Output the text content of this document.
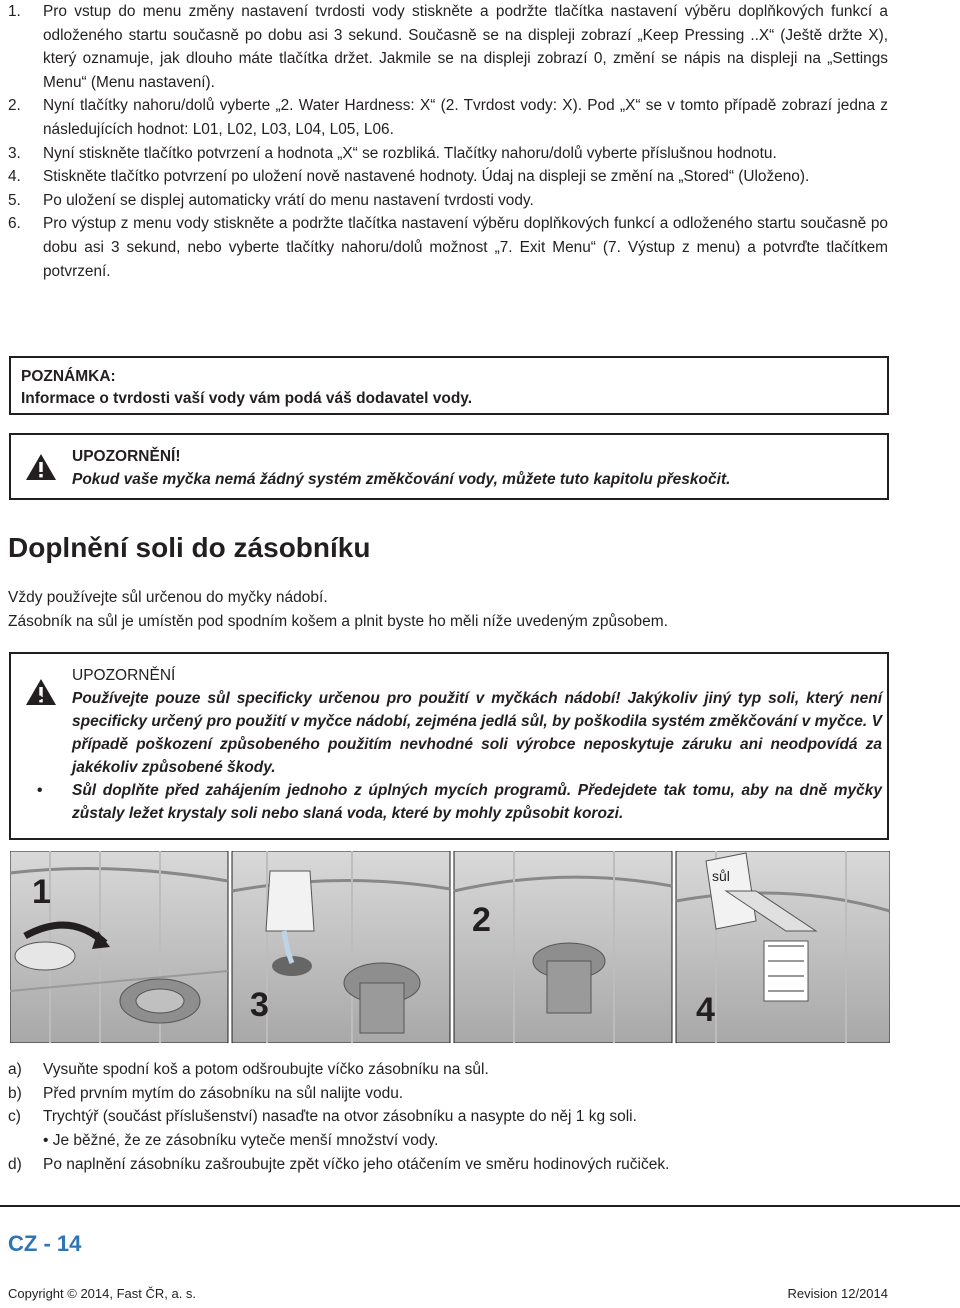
1.	Pro vstup do menu změny nastavení tvrdosti vody stiskněte a podržte tlačítka nastavení výběru doplňkových funkcí a odloženého startu současně po dobu asi 3 sekund. Současně se na displeji zobrazí „Keep Pressing ..X“ (Ještě držte X), který oznamuje, jak dlouho máte tlačítka držet. Jakmile se na displeji zobrazí 0, změní se nápis na displeji na „Settings Menu“ (Menu nastavení).
2.	Nyní tlačítky nahoru/dolů vyberte „2. Water Hardness: X“ (2. Tvrdost vody: X). Pod „X“ se v tomto případě zobrazí jedna z následujících hodnot: L01, L02, L03, L04, L05, L06.
3.	Nyní stiskněte tlačítko potvrzení a hodnota „X“ se rozbliká. Tlačítky nahoru/dolů vyberte příslušnou hodnotu.
4.	Stiskněte tlačítko potvrzení po uložení nově nastavené hodnoty. Údaj na displeji se změní na „Stored“ (Uloženo).
5.	Po uložení se displej automaticky vrátí do menu nastavení tvrdosti vody.
6.	Pro výstup z menu vody stiskněte a podržte tlačítka nastavení výběru doplňkových funkcí a odloženého startu současně po dobu asi 3 sekund, nebo vyberte tlačítky nahoru/dolů možnost „7. Exit Menu“ (7. Výstup z menu) a potvrďte tlačítkem potvrzení.
POZNÁMKA:
Informace o tvrdosti vaší vody vám podá váš dodavatel vody.
UPOZORNĚNÍ!
Pokud vaše myčka nemá žádný systém změkčování vody, můžete tuto kapitolu přeskočit.
Doplnění soli do zásobníku
Vždy používejte sůl určenou do myčky nádobí.
Zásobník na sůl je umístěn pod spodním košem a plnit byste ho měli níže uvedeným způsobem.
UPOZORNĚNÍ
•	Používejte pouze sůl specificky určenou pro použití v myčkách nádobí! Jakýkoliv jiný typ soli, který není specificky určený pro použití v myčce nádobí, zejména jedlá sůl, by poškodila systém změkčování v myčce. V případě poškození způsobeného použitím nevhodné soli výrobce neposkytuje záruku ani neodpovídá za jakékoliv způsobené škody.
•	Sůl doplňte před zahájením jednoho z úplných mycích programů. Předejdete tak tomu, aby na dně myčky zůstaly ležet krystaly soli nebo slaná voda, které by mohly způsobit korozi.
1
3
2
sůl
4
a)	Vysuňte spodní koš a potom odšroubujte víčko zásobníku na sůl.
b)	Před prvním mytím do zásobníku na sůl nalijte vodu.
c)	Trychtýř (součást příslušenství) nasaďte na otvor zásobníku a nasypte do něj 1 kg soli.
• Je běžné, že ze zásobníku vyteče menší množství vody.
d)	Po naplnění zásobníku zašroubujte zpět víčko jeho otáčením ve směru hodinových ručiček.
CZ - 14
Copyright © 2014, Fast ČR, a. s.	Revision 12/2014
